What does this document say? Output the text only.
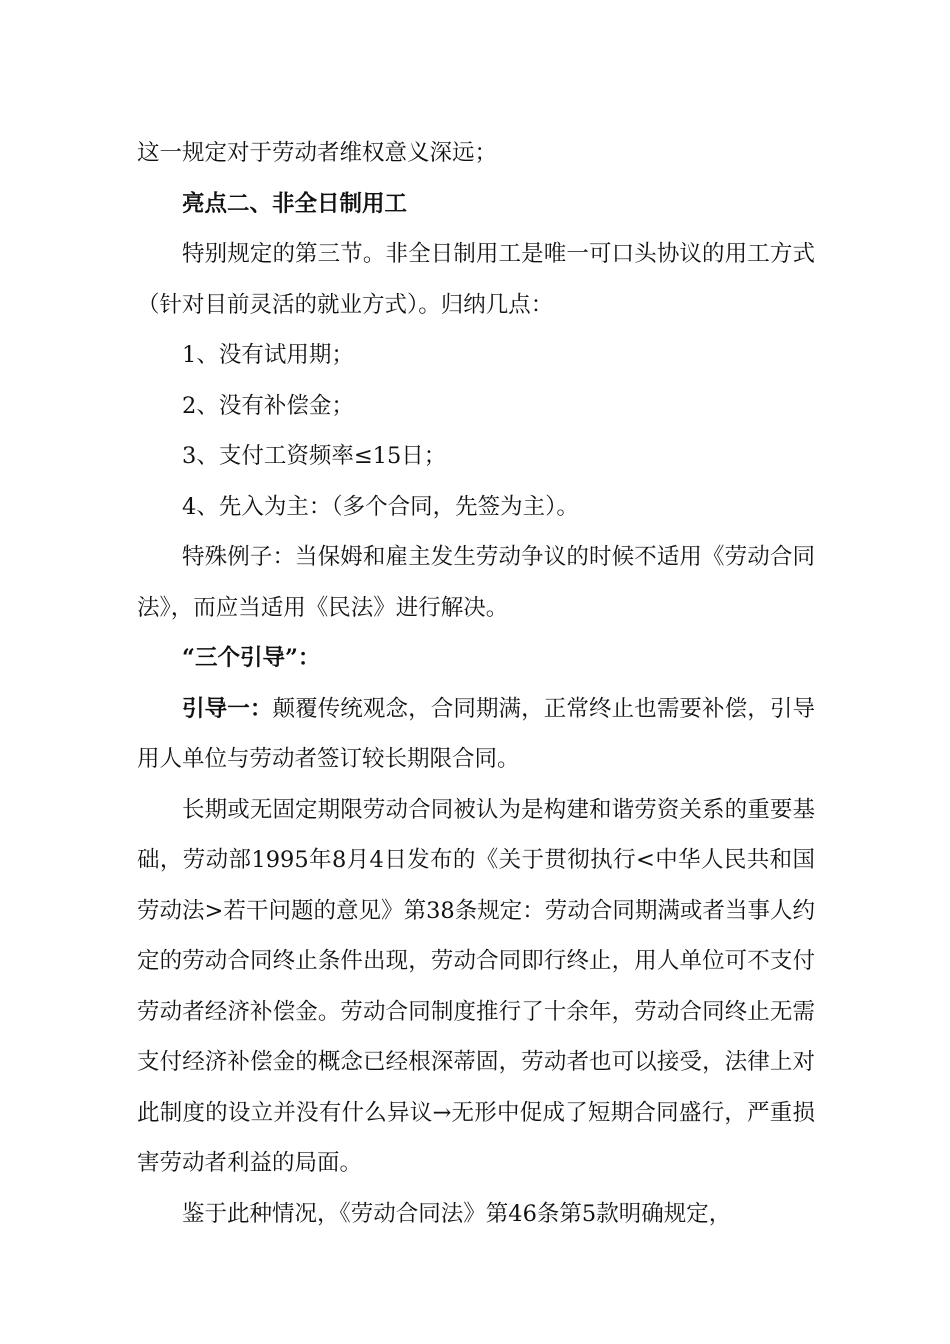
这一规定对于劳动者维权意义深远；

亮点二、非全日制用工

特别规定的第三节。非全日制用工是唯一可口头协议的用工方式（针对目前灵活的就业方式）。归纳几点：

1、没有试用期；

2、没有补偿金；

3、支付工资频率≤15日；

4、先入为主：（多个合同，先签为主）。

特殊例子：当保姆和雇主发生劳动争议的时候不适用《劳动合同法》，而应当适用《民法》进行解决。

“三个引导”：

引导一：颠覆传统观念，合同期满，正常终止也需要补偿，引导用人单位与劳动者签订较长期限合同。

长期或无固定期限劳动合同被认为是构建和谐劳资关系的重要基础，劳动部1995年8月4日发布的《关于贯彻执行<中华人民共和国劳动法>若干问题的意见》第38条规定：劳动合同期满或者当事人约定的劳动合同终止条件出现，劳动合同即行终止，用人单位可不支付劳动者经济补偿金。劳动合同制度推行了十余年，劳动合同终止无需支付经济补偿金的概念已经根深蒂固，劳动者也可以接受，法律上对此制度的设立并没有什么异议→无形中促成了短期合同盛行，严重损害劳动者利益的局面。

鉴于此种情况，《劳动合同法》第46条第5款明确规定，
